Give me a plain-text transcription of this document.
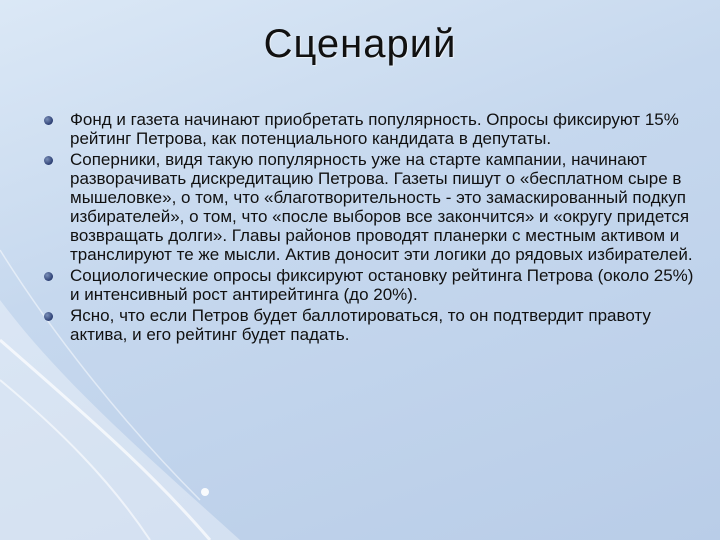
Сценарий
Фонд и газета начинают приобретать популярность. Опросы фиксируют 15% рейтинг Петрова, как потенциального кандидата в депутаты.
Соперники, видя такую популярность уже на старте кампании, начинают разворачивать дискредитацию Петрова. Газеты пишут о «бесплатном сыре в мышеловке», о том, что «благотворительность - это замаскированный подкуп избирателей», о том, что «после выборов все закончится» и «округу придется возвращать долги». Главы районов проводят планерки с местным активом и транслируют те же мысли. Актив доносит эти логики до рядовых избирателей.
Социологические опросы фиксируют остановку рейтинга Петрова (около 25%) и интенсивный рост антирейтинга (до 20%).
Ясно, что если Петров будет баллотироваться, то он подтвердит правоту актива, и его рейтинг будет падать.
